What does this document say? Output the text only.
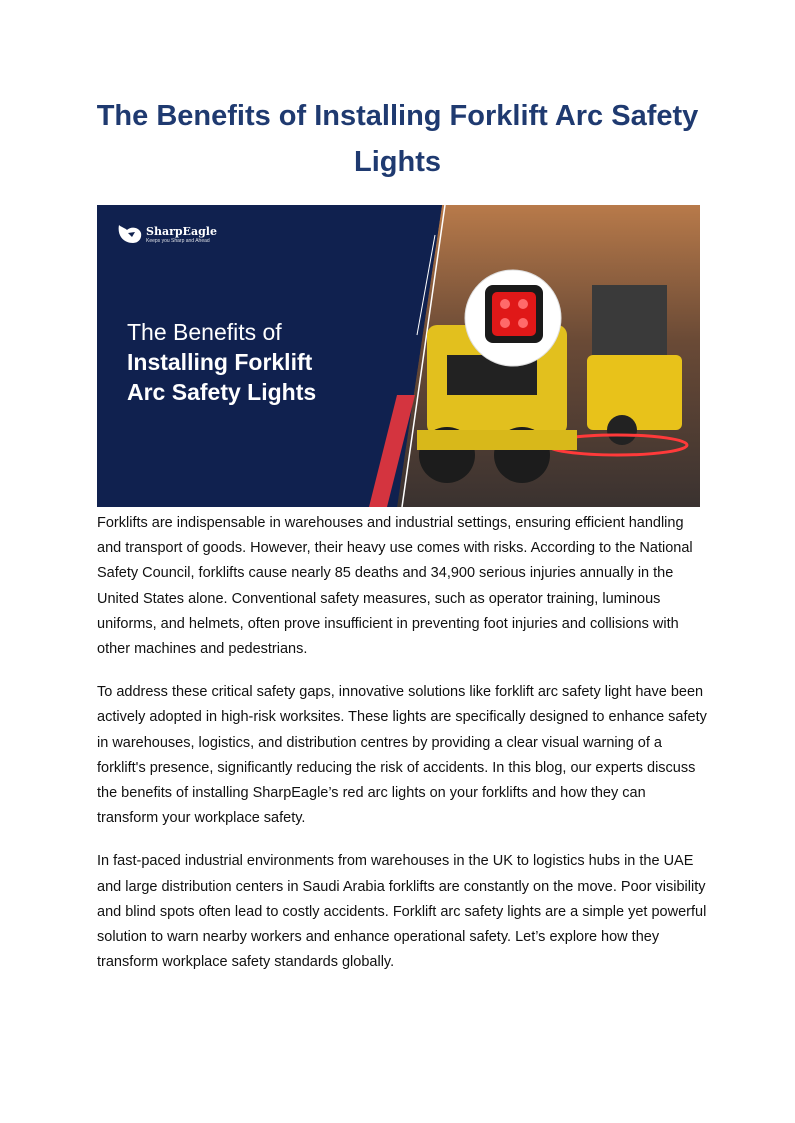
The Benefits of Installing Forklift Arc Safety Lights
SharpEagle
Keeps you Sharp and Ahead
The Benefits of
Installing Forklift
Arc Safety Lights

Forklifts are indispensable in warehouses and industrial settings, ensuring efficient handling and transport of goods. However, their heavy use comes with risks. According to the National Safety Council, forklifts cause nearly 85 deaths and 34,900 serious injuries annually in the United States alone. Conventional safety measures, such as operator training, luminous uniforms, and helmets, often prove insufficient in preventing foot injuries and collisions with other machines and pedestrians.

To address these critical safety gaps, innovative solutions like forklift arc safety light have been actively adopted in high-risk worksites. These lights are specifically designed to enhance safety in warehouses, logistics, and distribution centres by providing a clear visual warning of a forklift's presence, significantly reducing the risk of accidents. In this blog, our experts discuss the benefits of installing SharpEagle’s red arc lights on your forklifts and how they can transform your workplace safety.

In fast-paced industrial environments from warehouses in the UK to logistics hubs in the UAE and large distribution centers in Saudi Arabia forklifts are constantly on the move. Poor visibility and blind spots often lead to costly accidents. Forklift arc safety lights are a simple yet powerful solution to warn nearby workers and enhance operational safety. Let’s explore how they transform workplace safety standards globally.
